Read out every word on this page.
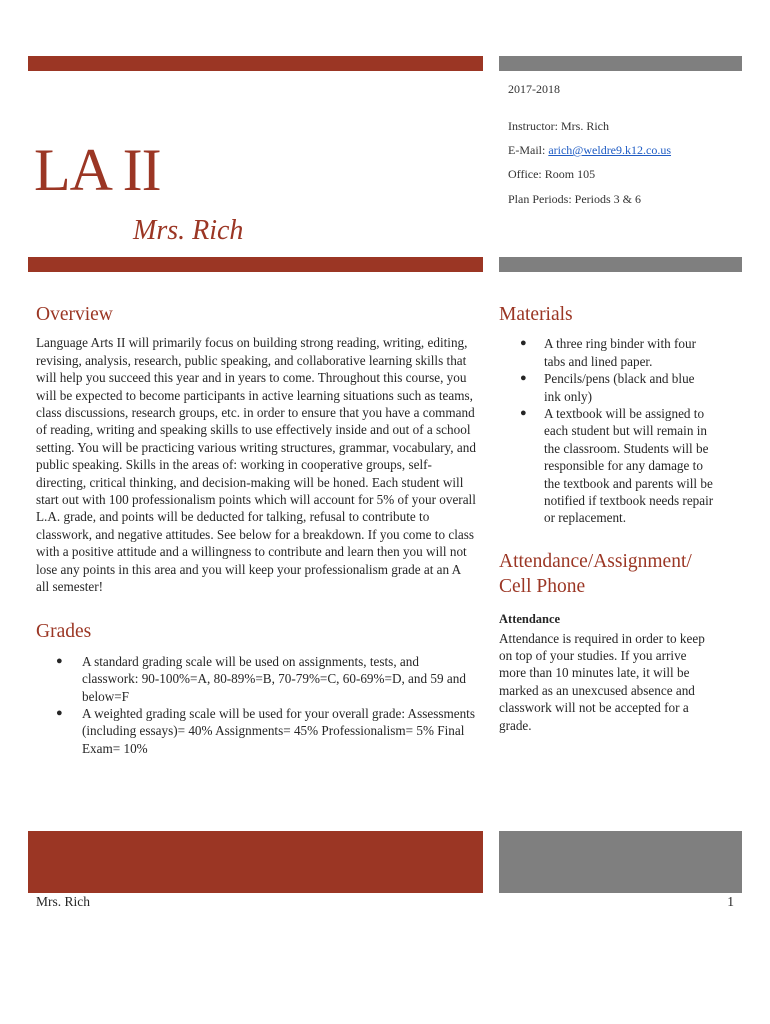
LA II
Mrs. Rich
2017-2018
Instructor: Mrs. Rich
E-Mail: arich@weldre9.k12.co.us
Office: Room 105
Plan Periods: Periods 3 & 6
Overview

Language Arts II will primarily focus on building strong reading, writing, editing, revising, analysis, research, public speaking, and collaborative learning skills that will help you succeed this year and in years to come. Throughout this course, you will be expected to become participants in active learning situations such as teams, class discussions, research groups, etc. in order to ensure that you have a command of reading, writing and speaking skills to use effectively inside and out of a school setting. You will be practicing various writing structures, grammar, vocabulary, and public speaking. Skills in the areas of: working in cooperative groups, self-directing, critical thinking, and decision-making will be honed. Each student will start out with 100 professionalism points which will account for 5% of your overall L.A. grade, and points will be deducted for talking, refusal to contribute to classwork, and negative attitudes. See below for a breakdown. If you come to class with a positive attitude and a willingness to contribute and learn then you will not lose any points in this area and you will keep your professionalism grade at an A all semester!

Grades
● A standard grading scale will be used on assignments, tests, and classwork: 90-100%=A, 80-89%=B, 70-79%=C, 60-69%=D, and 59 and below=F
● A weighted grading scale will be used for your overall grade: Assessments (including essays)= 40% Assignments= 45% Professionalism= 5% Final Exam= 10%
Materials
● A three ring binder with four tabs and lined paper.
● Pencils/pens (black and blue ink only)
● A textbook will be assigned to each student but will remain in the classroom. Students will be responsible for any damage to the textbook and parents will be notified if textbook needs repair or replacement.
Attendance/Assignment/ Cell Phone
Attendance

Attendance is required in order to keep on top of your studies. If you arrive more than 10 minutes late, it will be marked as an unexcused absence and classwork will not be accepted for a grade.

Mrs. Rich	1
